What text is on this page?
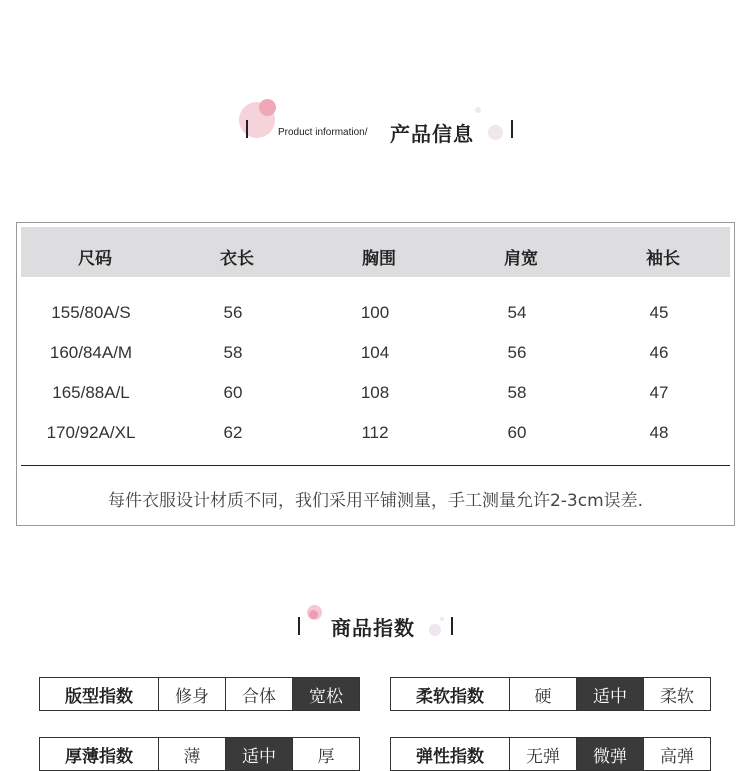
Product information/ 产品信息
尺码	衣长	胸围	肩宽	袖长
155/80A/S	56	100	54	45
160/84A/M	58	104	56	46
165/88A/L	60	108	58	47
170/92A/XL	62	112	60	48
每件衣服设计材质不同，我们采用平铺测量，手工测量允许2-3cm误差.
商品指数
版型指数	修身	合体	宽松	柔软指数	硬	适中	柔软
厚薄指数	薄	适中	厚	弹性指数	无弹	微弹	高弹
